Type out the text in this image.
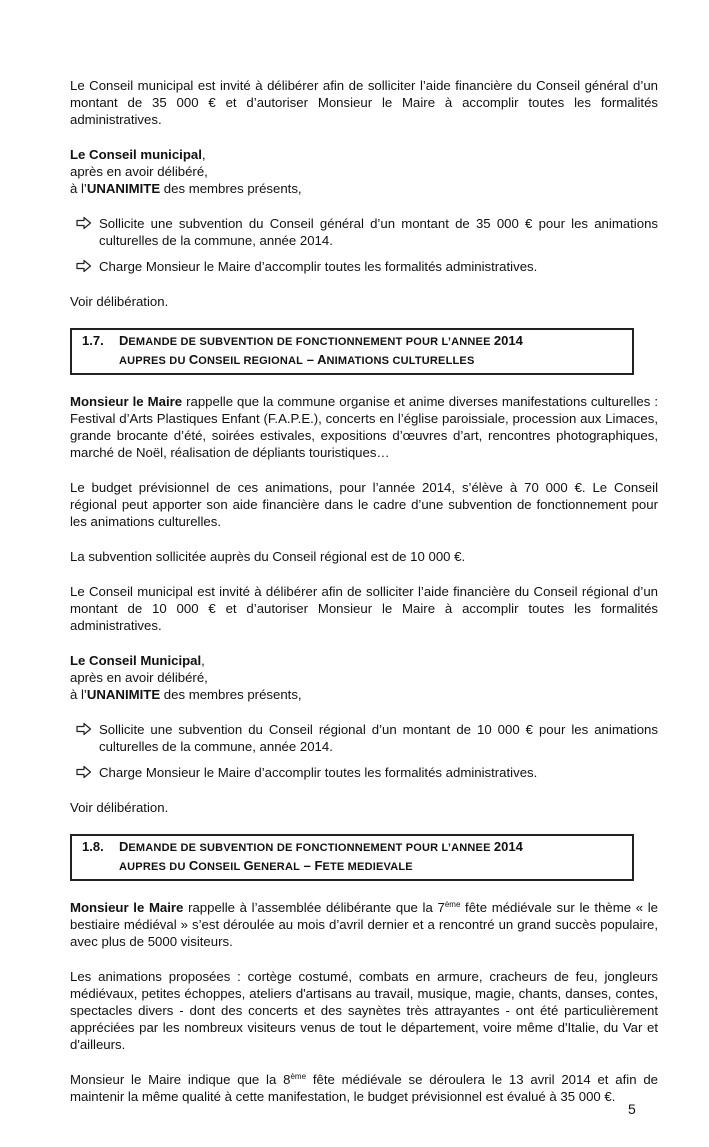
Le Conseil municipal est invité à délibérer afin de solliciter l’aide financière du Conseil général d’un montant de 35 000 € et d’autoriser Monsieur le Maire à accomplir toutes les formalités administratives.

Le Conseil municipal,

après en avoir délibéré,

à l’UNANIMITE des membres présents,

Sollicite une subvention du Conseil général d’un montant de 35 000 € pour les animations culturelles de la commune, année 2014.
Charge Monsieur le Maire d’accomplir toutes les formalités administratives.

Voir délibération.

1.7. DEMANDE DE SUBVENTION DE FONCTIONNEMENT POUR L’ANNEE 2014
AUPRES DU CONSEIL REGIONAL – ANIMATIONS CULTURELLES

Monsieur le Maire rappelle que la commune organise et anime diverses manifestations culturelles : Festival d’Arts Plastiques Enfant (F.A.P.E.), concerts en l’église paroissiale, procession aux Limaces, grande brocante d’été, soirées estivales, expositions d’œuvres d’art, rencontres photographiques, marché de Noël, réalisation de dépliants touristiques…

Le budget prévisionnel de ces animations, pour l’année 2014, s’élève à 70 000 €. Le Conseil régional peut apporter son aide financière dans le cadre d’une subvention de fonctionnement pour les animations culturelles.

La subvention sollicitée auprès du Conseil régional est de 10 000 €.

Le Conseil municipal est invité à délibérer afin de solliciter l’aide financière du Conseil régional d’un montant de 10 000 € et d’autoriser Monsieur le Maire à accomplir toutes les formalités administratives.

Le Conseil Municipal,

après en avoir délibéré,

à l’UNANIMITE des membres présents,

Sollicite une subvention du Conseil régional d’un montant de 10 000 € pour les animations culturelles de la commune, année 2014.
Charge Monsieur le Maire d’accomplir toutes les formalités administratives.

Voir délibération.

1.8. DEMANDE DE SUBVENTION DE FONCTIONNEMENT POUR L’ANNEE 2014
AUPRES DU CONSEIL GENERAL – FETE MEDIEVALE

Monsieur le Maire rappelle à l’assemblée délibérante que la 7ème fête médiévale sur le thème « le bestiaire médiéval » s’est déroulée au mois d’avril dernier et a rencontré un grand succès populaire, avec plus de 5000 visiteurs.

Les animations proposées : cortège costumé, combats en armure, cracheurs de feu, jongleurs médiévaux, petites échoppes, ateliers d'artisans au travail, musique, magie, chants, danses, contes, spectacles divers - dont des concerts et des saynètes très attrayantes - ont été particulièrement appréciées par les nombreux visiteurs venus de tout le département, voire même d'Italie, du Var et d'ailleurs.

Monsieur le Maire indique que la 8ème fête médiévale se déroulera le 13 avril 2014 et afin de maintenir la même qualité à cette manifestation, le budget prévisionnel est évalué à 35 000 €.

5
